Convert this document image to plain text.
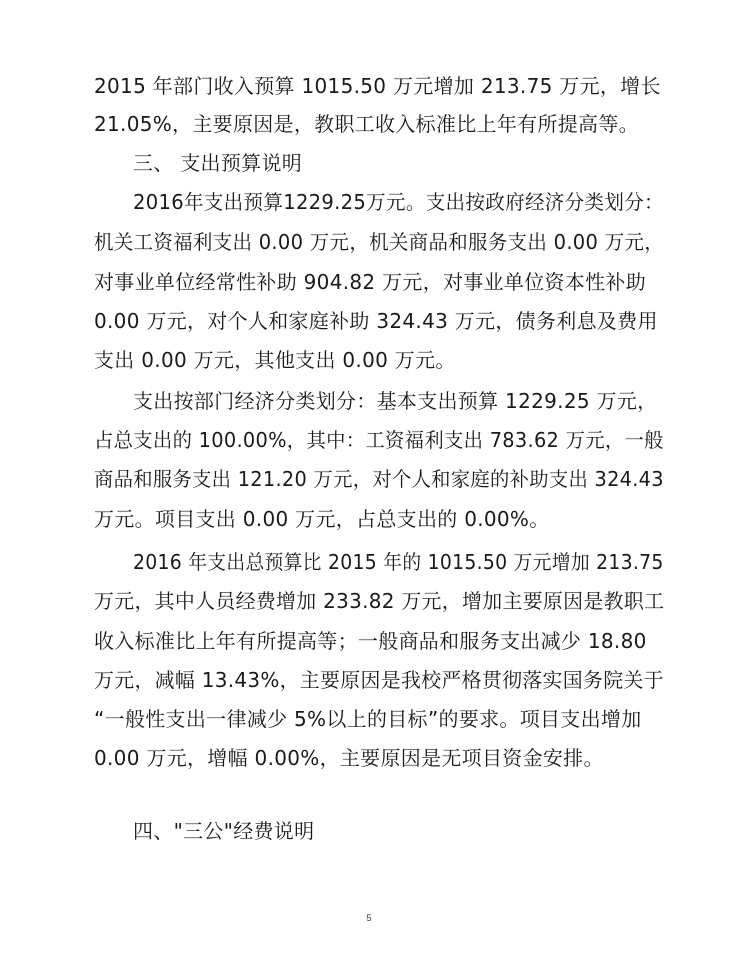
2015 年部门收入预算 1015.50 万元增加 213.75 万元，增长
21.05%，主要原因是，教职工收入标准比上年有所提高等。
三、 支出预算说明
2016年支出预算1229.25万元。支出按政府经济分类划分：
机关工资福利支出 0.00 万元，机关商品和服务支出 0.00 万元，
对事业单位经常性补助 904.82 万元，对事业单位资本性补助
0.00 万元，对个人和家庭补助 324.43 万元，债务利息及费用
支出 0.00 万元，其他支出 0.00 万元。
支出按部门经济分类划分：基本支出预算 1229.25 万元，
占总支出的 100.00%，其中：工资福利支出 783.62 万元，一般
商品和服务支出 121.20 万元，对个人和家庭的补助支出 324.43
万元。项目支出 0.00 万元，占总支出的 0.00%。
2016 年支出总预算比 2015 年的 1015.50 万元增加 213.75
万元，其中人员经费增加 233.82 万元，增加主要原因是教职工
收入标准比上年有所提高等；一般商品和服务支出减少 18.80
万元，减幅 13.43%，主要原因是我校严格贯彻落实国务院关于
“一般性支出一律减少 5%以上的目标”的要求。项目支出增加
0.00 万元，增幅 0.00%，主要原因是无项目资金安排。
四、"三公"经费说明
5
